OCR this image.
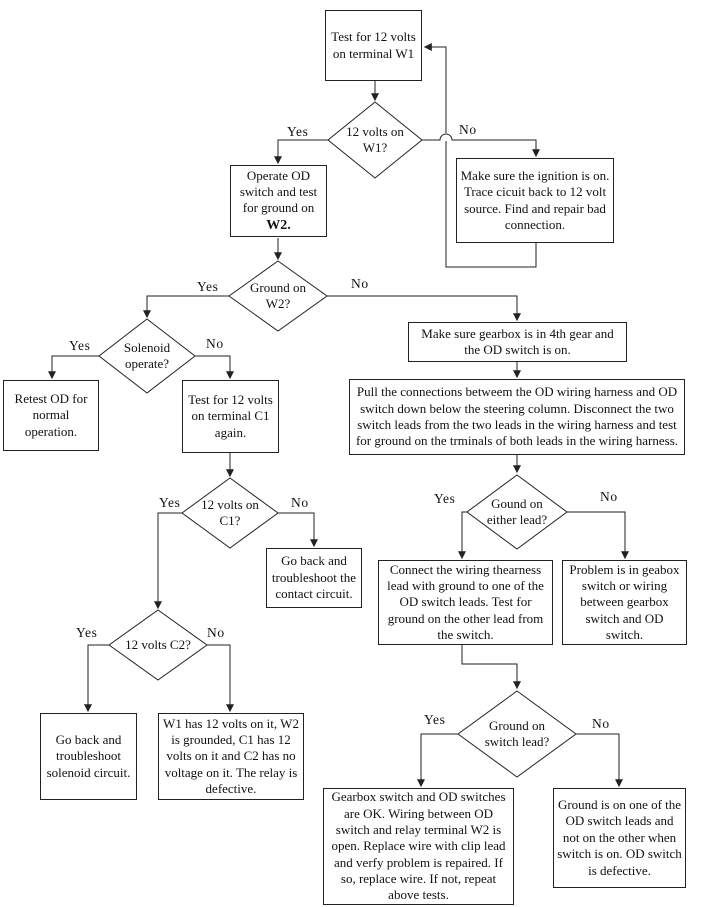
Test for 12 volts on terminal W1
Operate OD switch and test for ground on
W2.
Make sure the ignition is on. Trace cicuit back to 12 volt source. Find and repair bad connection.
Make sure gearbox is in 4th gear and the OD switch is on.
Pull the connections betweem the OD wiring harness and OD switch down below the steering column. Disconnect the two switch leads from the two leads in the wiring harness and test for ground on the trminals of both leads in the wiring harness.
Retest OD for normal operation.
Test for 12 volts on terminal C1 again.
Go back and troubleshoot the contact circuit.
Connect the wiring thearness lead with ground to one of the OD switch leads. Test for ground on the other lead from the switch.
Problem is in geabox switch or wiring between gearbox switch and OD switch.
Go back and troubleshoot solenoid circuit.
W1 has 12 volts on it, W2 is grounded, C1 has 12 volts on it and C2 has no voltage on it. The relay is defective.
Gearbox switch and OD switches are OK. Wiring between OD switch and relay terminal W2 is open. Replace wire with clip lead and verfy problem is repaired. If so, replace wire. If not, repeat above tests.
Ground is on one of the OD switch leads and not on the other when switch is on. OD switch is defective.
12 volts on W1?
Ground on W2?
Solenoid operate?
12 volts on C1?
12 volts C2?
Gound on either lead?
Ground on switch lead?
Yes	No
Yes	No
Yes	No
Yes	No
Yes	No
Yes	No
Yes	No
